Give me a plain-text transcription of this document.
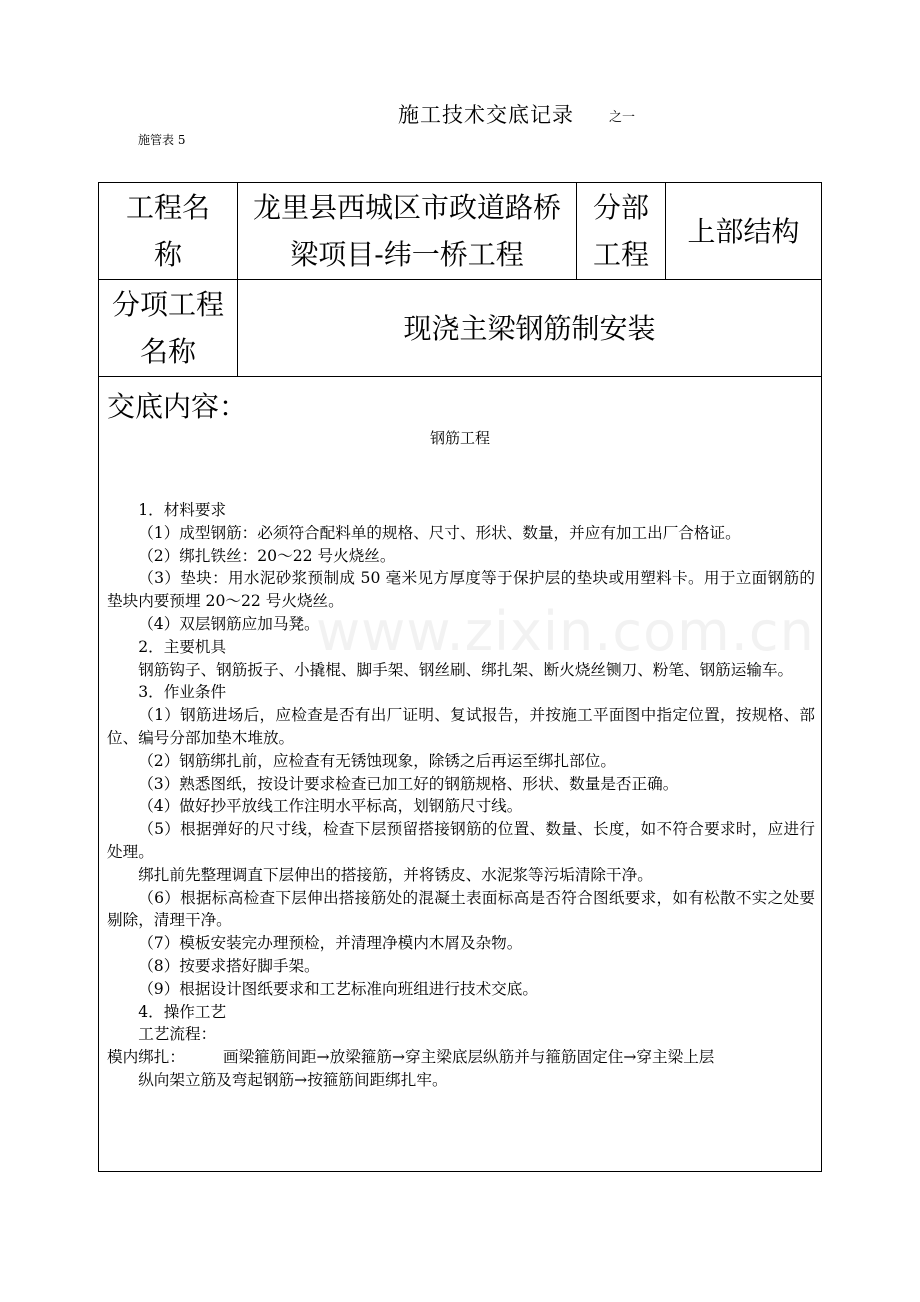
施工技术交底记录	之一
施管表 5
工程名称
龙里县西城区市政道路桥梁项目-纬一桥工程
分部工程
上部结构
分项工程名称
现浇主梁钢筋制安装
交底内容：
钢筋工程

1．材料要求

（1）成型钢筋：必须符合配料单的规格、尺寸、形状、数量，并应有加工出厂合格证。

（2）绑扎铁丝：20～22 号火烧丝。

（3）垫块：用水泥砂浆预制成 50 毫米见方厚度等于保护层的垫块或用塑料卡。用于立面钢筋的垫块内要预埋 20～22 号火烧丝。

（4）双层钢筋应加马凳。

2．主要机具

钢筋钩子、钢筋扳子、小撬棍、脚手架、钢丝刷、绑扎架、断火烧丝铡刀、粉笔、钢筋运输车。

3．作业条件

（1）钢筋进场后，应检查是否有出厂证明、复试报告，并按施工平面图中指定位置，按规格、部位、编号分部加垫木堆放。

（2）钢筋绑扎前，应检查有无锈蚀现象，除锈之后再运至绑扎部位。

（3）熟悉图纸，按设计要求检查已加工好的钢筋规格、形状、数量是否正确。

（4）做好抄平放线工作注明水平标高，划钢筋尺寸线。

（5）根据弹好的尺寸线，检查下层预留搭接钢筋的位置、数量、长度，如不符合要求时，应进行处理。

绑扎前先整理调直下层伸出的搭接筋，并将锈皮、水泥浆等污垢清除干净。

（6）根据标高检查下层伸出搭接筋处的混凝土表面标高是否符合图纸要求，如有松散不实之处要剔除，清理干净。

（7）模板安装完办理预检，并清理净模内木屑及杂物。

（8）按要求搭好脚手架。

（9）根据设计图纸要求和工艺标准向班组进行技术交底。

4．操作工艺

工艺流程：

模内绑扎： 画梁箍筋间距→放梁箍筋→穿主梁底层纵筋并与箍筋固定住→穿主梁上层

纵向架立筋及弯起钢筋→按箍筋间距绑扎牢。

www.zixin.com.cn
